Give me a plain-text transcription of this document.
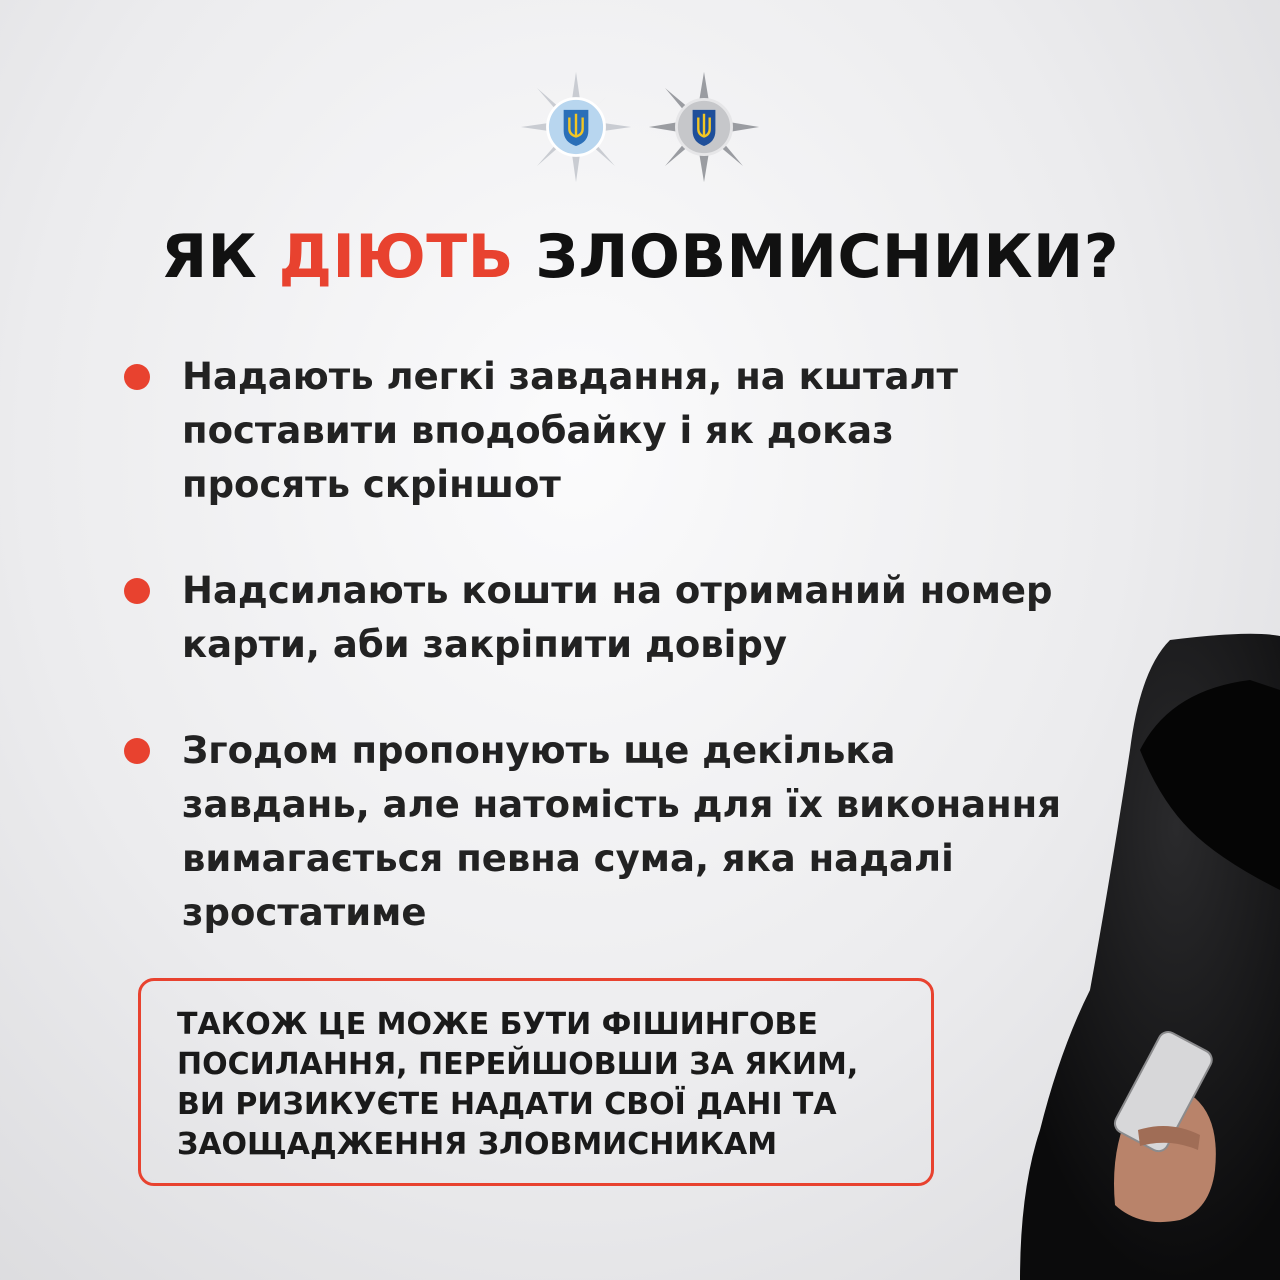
ЯК ДІЮТЬ ЗЛОВМИСНИКИ?
Надають легкі завдання, на кшталт
поставити вподобайку і як доказ
просять скріншот
Надсилають кошти на отриманий номер
карти, аби закріпити довіру
Згодом пропонують ще декілька
завдань, але натомість для їх виконання
вимагається певна сума, яка надалі
зростатиме
ТАКОЖ ЦЕ МОЖЕ БУТИ ФІШИНГОВЕ
ПОСИЛАННЯ, ПЕРЕЙШОВШИ ЗА ЯКИМ,
ВИ РИЗИКУЄТЕ НАДАТИ СВОЇ ДАНІ ТА
ЗАОЩАДЖЕННЯ ЗЛОВМИСНИКАМ
